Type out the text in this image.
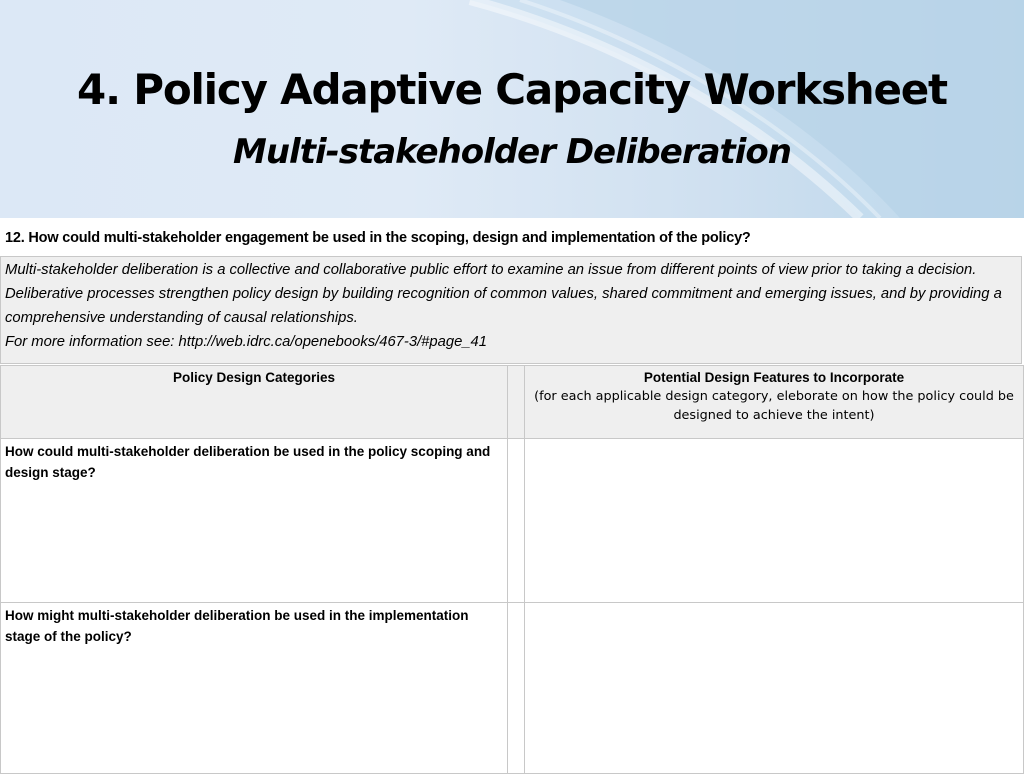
4. Policy Adaptive Capacity Worksheet
Multi-stakeholder Deliberation
12. How could multi-stakeholder engagement be used in the scoping, design and implementation of the policy?
Multi-stakeholder deliberation is a collective and collaborative public effort to examine an issue from different points of view prior to taking a decision. Deliberative processes strengthen policy design by building recognition of common values, shared commitment and emerging issues, and by providing a comprehensive understanding of causal relationships.
For more information see: http://web.idrc.ca/openebooks/467-3/#page_41
Policy Design Categories		Potential Design Features to Incorporate
(for each applicable design category, eleborate on how the policy could be designed to achieve the intent)

How could multi-stakeholder deliberation be used in the policy scoping and design stage?		
How might multi-stakeholder deliberation be used in the implementation stage of the policy?		
